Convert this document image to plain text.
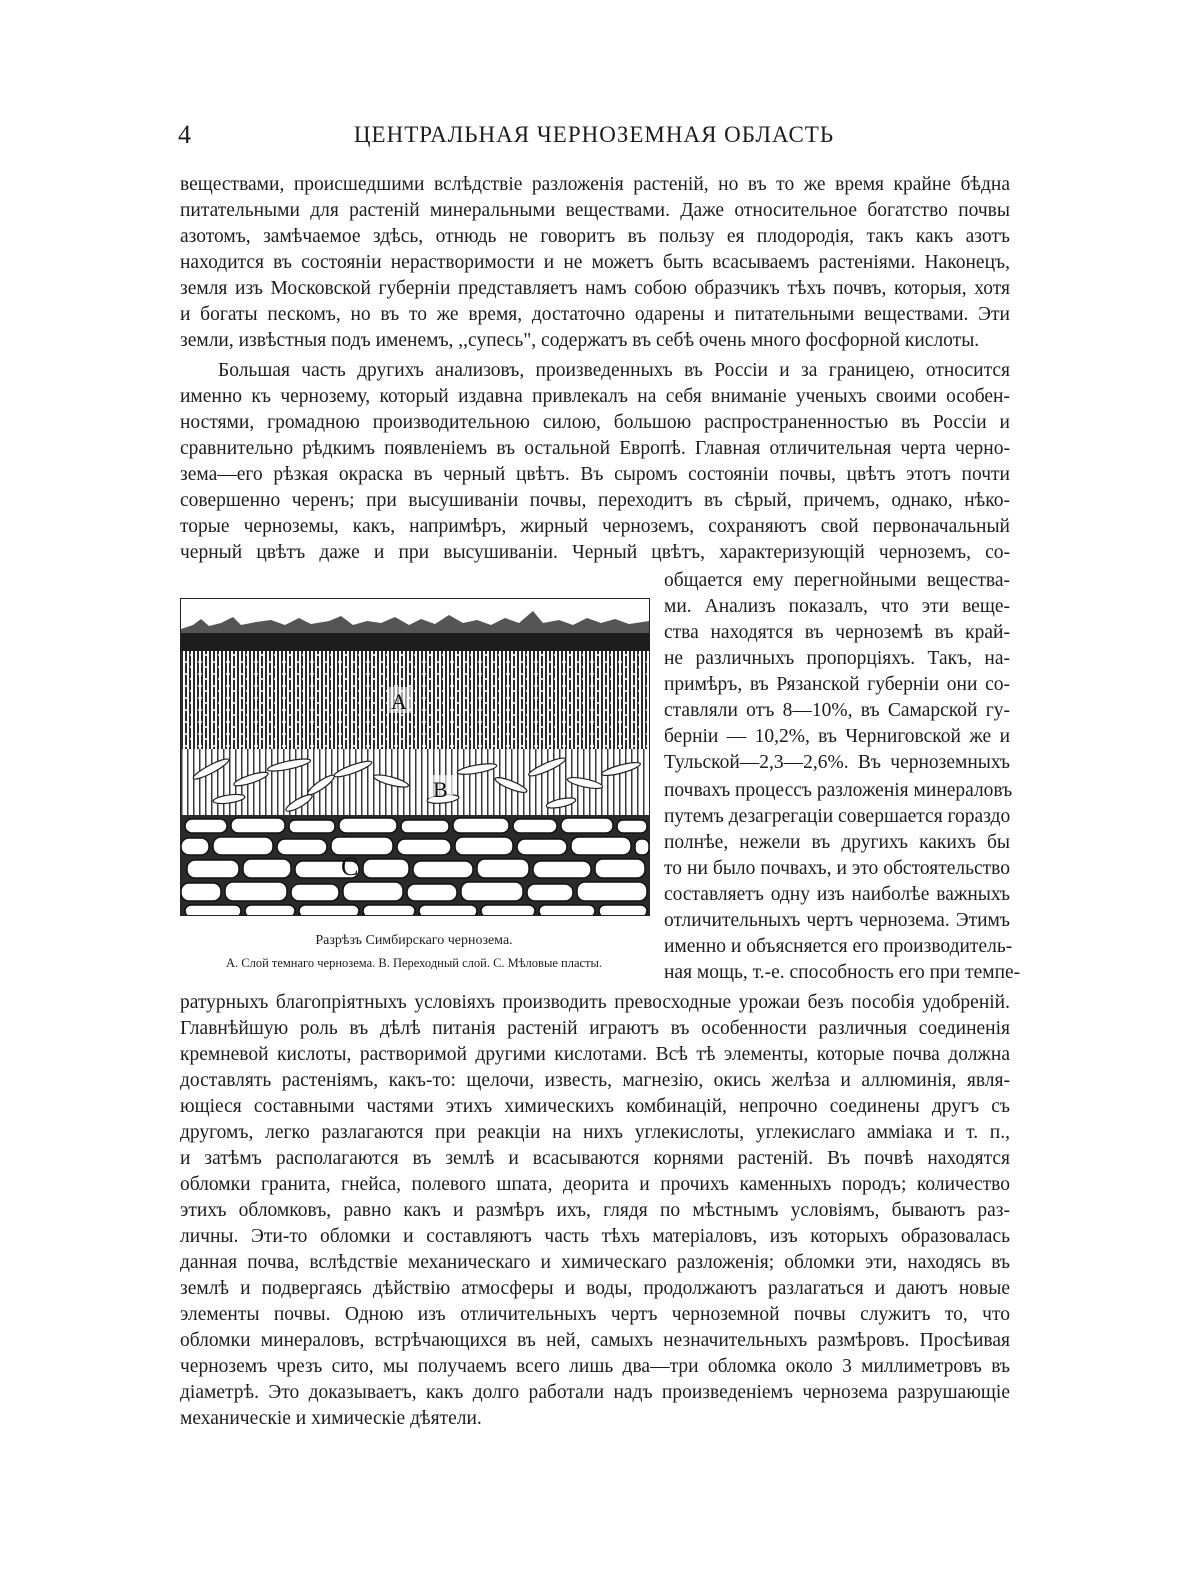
4	ЦЕНТРАЛЬНАЯ ЧЕРНОЗЕМНАЯ ОБЛАСТЬ

веществами, происшедшими вслѣдствіе разложенія растеній, но въ то же время крайне бѣдна

питательными для растеній минеральными веществами. Даже относительное богатство почвы

азотомъ, замѣчаемое здѣсь, отнюдь не говоритъ въ пользу ея плодородія, такъ какъ азотъ

находится въ состояніи нерастворимости и не можетъ быть всасываемъ растеніями. Наконецъ,

земля изъ Московской губерніи представляетъ намъ собою образчикъ тѣхъ почвъ, которыя, хотя

и богаты пескомъ, но въ то же время, достаточно одарены и питательными веществами. Эти

земли, извѣстныя подъ именемъ, ,,супесь", содержатъ въ себѣ очень много фосфорной кислоты.

Большая часть другихъ анализовъ, произведенныхъ въ Россіи и за границею, относится

именно къ чернозему, который издавна привлекалъ на себя вниманіе ученыхъ своими особен-

ностями, громадною производительною силою, большою распространенностью въ Россіи и

сравнительно рѣдкимъ появленіемъ въ остальной Европѣ. Главная отличительная черта черно-

зема—его рѣзкая окраска въ черный цвѣтъ. Въ сыромъ состояніи почвы, цвѣтъ этотъ почти

совершенно черенъ; при высушиваніи почвы, переходитъ въ сѣрый, причемъ, однако, нѣко-

торые черноземы, какъ, напримѣръ, жирный черноземъ, сохраняютъ свой первоначальный

черный цвѣтъ даже и при высушиваніи. Черный цвѣтъ, характеризующій черноземъ, со-

общается ему перегнойными вещества-

ми. Анализъ показалъ, что эти веще-

ства находятся въ черноземѣ въ край-

не различныхъ пропорціяхъ. Такъ, на-

примѣръ, въ Рязанской губерніи они со-

ставляли отъ 8—10%, въ Самарской гу-

берніи — 10,2%, въ Черниговской же и

Тульской—2,3—2,6%. Въ черноземныхъ

почвахъ процессъ разложенія минераловъ

путемъ дезагрегаціи совершается гораздо

полнѣе, нежели въ другихъ какихъ бы

то ни было почвахъ, и это обстоятельство

составляетъ одну изъ наиболѣе важныхъ

отличительныхъ чертъ чернозема. Этимъ

именно и объясняется его производитель-

ная мощь, т.-е. способность его при темпе-

А
В
С
Разрѣзъ Симбирскаго чернозема.
А. Слой темнаго чернозема. В. Переходный слой. С. Мѣловые пласты.

ратурныхъ благопріятныхъ условіяхъ производить превосходные урожаи безъ пособія удобреній.

Главнѣйшую роль въ дѣлѣ питанія растеній играютъ въ особенности различныя соединенія

кремневой кислоты, растворимой другими кислотами. Всѣ тѣ элементы, которые почва должна

доставлять растеніямъ, какъ-то: щелочи, известь, магнезію, окись желѣза и аллюминія, явля-

ющіеся составными частями этихъ химическихъ комбинацій, непрочно соединены другъ съ

другомъ, легко разлагаются при реакціи на нихъ углекислоты, углекислаго амміака и т. п.,

и затѣмъ располагаются въ землѣ и всасываются корнями растеній. Въ почвѣ находятся

обломки гранита, гнейса, полевого шпата, деорита и прочихъ каменныхъ породъ; количество

этихъ обломковъ, равно какъ и размѣръ ихъ, глядя по мѣстнымъ условіямъ, бываютъ раз-

личны. Эти-то обломки и составляютъ часть тѣхъ матеріаловъ, изъ которыхъ образовалась

данная почва, вслѣдствіе механическаго и химическаго разложенія; обломки эти, находясь въ

землѣ и подвергаясь дѣйствію атмосферы и воды, продолжаютъ разлагаться и даютъ новые

элементы почвы. Одною изъ отличительныхъ чертъ черноземной почвы служитъ то, что

обломки минераловъ, встрѣчающихся въ ней, самыхъ незначительныхъ размѣровъ. Просѣивая

черноземъ чрезъ сито, мы получаемъ всего лишь два—три обломка около 3 миллиметровъ въ

діаметрѣ. Это доказываетъ, какъ долго работали надъ произведеніемъ чернозема разрушающіе

механическіе и химическіе дѣятели.
